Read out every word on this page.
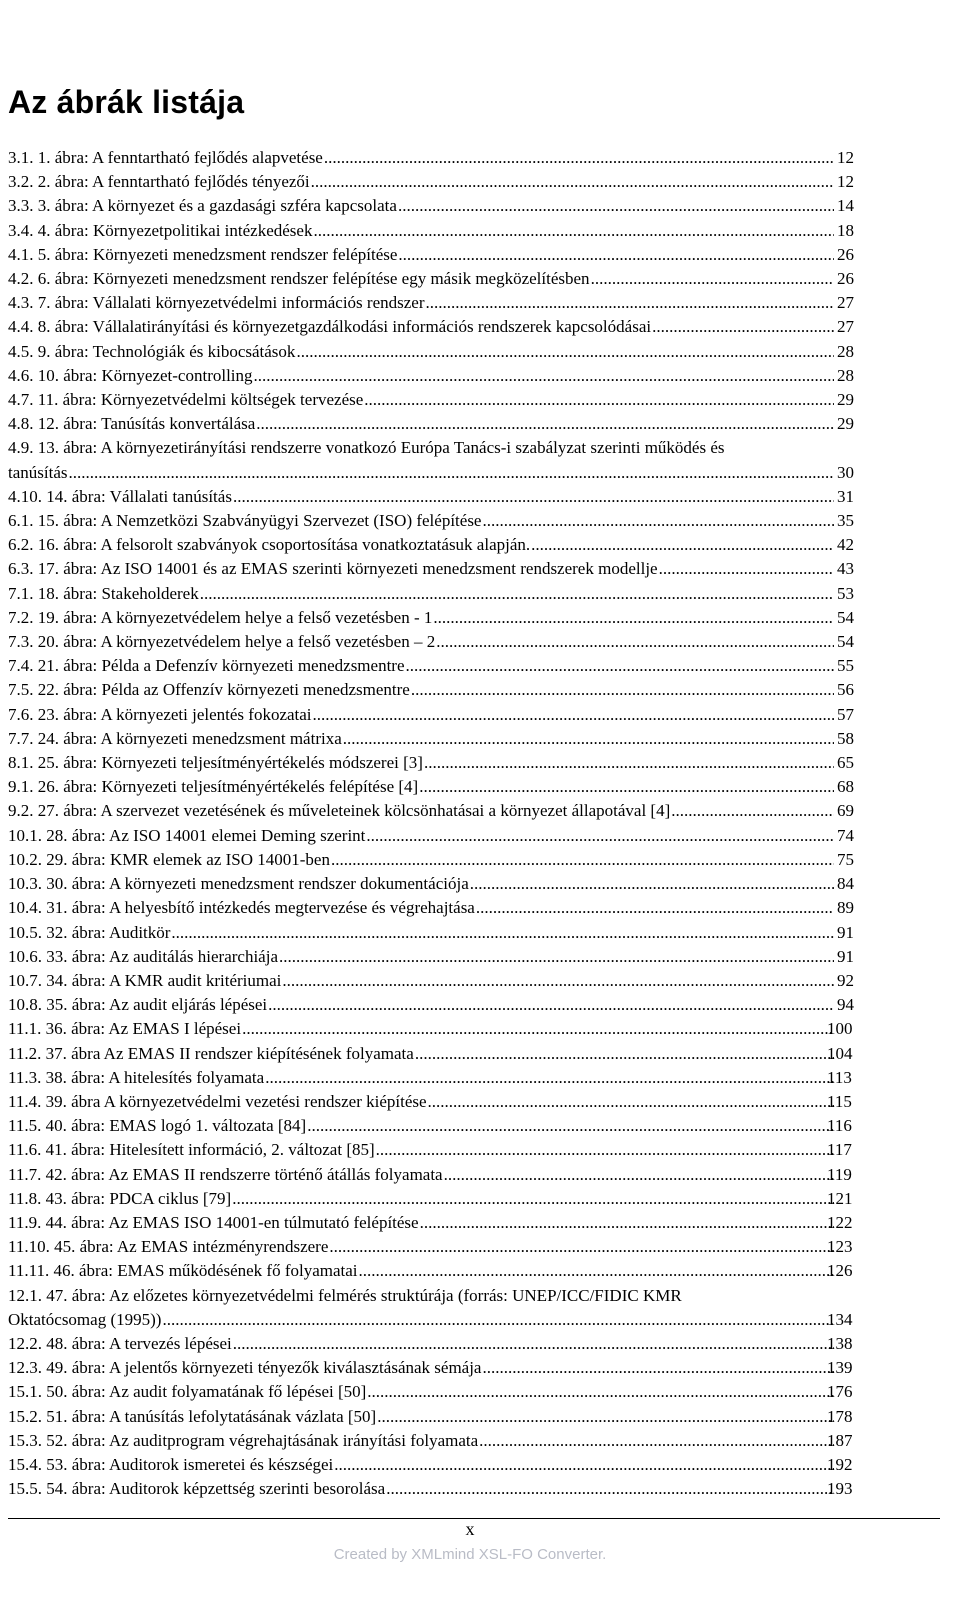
Az ábrák listája
3.1. 1. ábra: A fenntartható fejlődés alapvetése .....	12
3.2. 2. ábra: A fenntartható fejlődés tényezői .....	12
3.3. 3. ábra: A környezet és a gazdasági szféra kapcsolata .....	14
3.4. 4. ábra: Környezetpolitikai intézkedések .....	18
4.1. 5. ábra: Környezeti menedzsment rendszer felépítése .....	26
4.2. 6. ábra: Környezeti menedzsment rendszer felépítése egy másik megközelítésben .....	26
4.3. 7. ábra: Vállalati környezetvédelmi információs rendszer .....	27
4.4. 8. ábra: Vállalatirányítási és környezetgazdálkodási információs rendszerek kapcsolódásai .....	27
4.5. 9. ábra: Technológiák és kibocsátások .....	28
4.6. 10. ábra: Környezet-controlling .....	28
4.7. 11. ábra: Környezetvédelmi költségek tervezése .....	29
4.8. 12. ábra: Tanúsítás konvertálása .....	29
4.9. 13. ábra: A környezetirányítási rendszerre vonatkozó Európa Tanács-i szabályzat szerinti működés és
tanúsítás .....	30
4.10. 14. ábra: Vállalati tanúsítás .....	31
6.1. 15. ábra: A Nemzetközi Szabványügyi Szervezet (ISO) felépítése .....	35
6.2. 16. ábra: A felsorolt szabványok csoportosítása vonatkoztatásuk alapján. .....	42
6.3. 17. ábra: Az ISO 14001 és az EMAS szerinti környezeti menedzsment rendszerek modellje .....	43
7.1. 18. ábra: Stakeholderek .....	53
7.2. 19. ábra: A környezetvédelem helye a felső vezetésben - 1 .....	54
7.3. 20. ábra: A környezetvédelem helye a felső vezetésben – 2 .....	54
7.4. 21. ábra: Példa a Defenzív környezeti menedzsmentre .....	55
7.5. 22. ábra: Példa az Offenzív környezeti menedzsmentre .....	56
7.6. 23. ábra: A környezeti jelentés fokozatai .....	57
7.7. 24. ábra: A környezeti menedzsment mátrixa .....	58
8.1. 25. ábra: Környezeti teljesítményértékelés módszerei [3] .....	65
9.1. 26. ábra: Környezeti teljesítményértékelés felépítése [4] .....	68
9.2. 27. ábra: A szervezet vezetésének és műveleteinek kölcsönhatásai a környezet állapotával [4] .....	69
10.1. 28. ábra: Az ISO 14001 elemei Deming szerint .....	74
10.2. 29. ábra: KMR elemek az ISO 14001-ben .....	75
10.3. 30. ábra: A környezeti menedzsment rendszer dokumentációja .....	84
10.4. 31. ábra: A helyesbítő intézkedés megtervezése és végrehajtása .....	89
10.5. 32. ábra: Auditkör .....	91
10.6. 33. ábra: Az auditálás hierarchiája .....	91
10.7. 34. ábra: A KMR audit kritériumai .....	92
10.8. 35. ábra: Az audit eljárás lépései .....	94
11.1. 36. ábra: Az EMAS I lépései .....	100
11.2. 37. ábra Az EMAS II rendszer kiépítésének folyamata .....	104
11.3. 38. ábra: A hitelesítés folyamata .....	113
11.4. 39. ábra A környezetvédelmi vezetési rendszer kiépítése .....	115
11.5. 40. ábra: EMAS logó 1. változata [84] .....	116
11.6. 41. ábra: Hitelesített információ, 2. változat [85] .....	117
11.7. 42. ábra: Az EMAS II rendszerre történő átállás folyamata .....	119
11.8. 43. ábra: PDCA ciklus [79] .....	121
11.9. 44. ábra: Az EMAS ISO 14001-en túlmutató felépítése .....	122
11.10. 45. ábra: Az EMAS intézményrendszere .....	123
11.11. 46. ábra: EMAS működésének fő folyamatai .....	126
12.1. 47. ábra: Az előzetes környezetvédelmi felmérés struktúrája (forrás: UNEP/ICC/FIDIC KMR
Oktatócsomag (1995)) .....	134
12.2. 48. ábra: A tervezés lépései .....	138
12.3. 49. ábra: A jelentős környezeti tényezők kiválasztásának sémája .....	139
15.1. 50. ábra: Az audit folyamatának fő lépései [50] .....	176
15.2. 51. ábra: A tanúsítás lefolytatásának vázlata [50] .....	178
15.3. 52. ábra: Az auditprogram végrehajtásának irányítási folyamata .....	187
15.4. 53. ábra: Auditorok ismeretei és készségei .....	192
15.5. 54. ábra: Auditorok képzettség szerinti besorolása .....	193
x
Created by XMLmind XSL-FO Converter.
